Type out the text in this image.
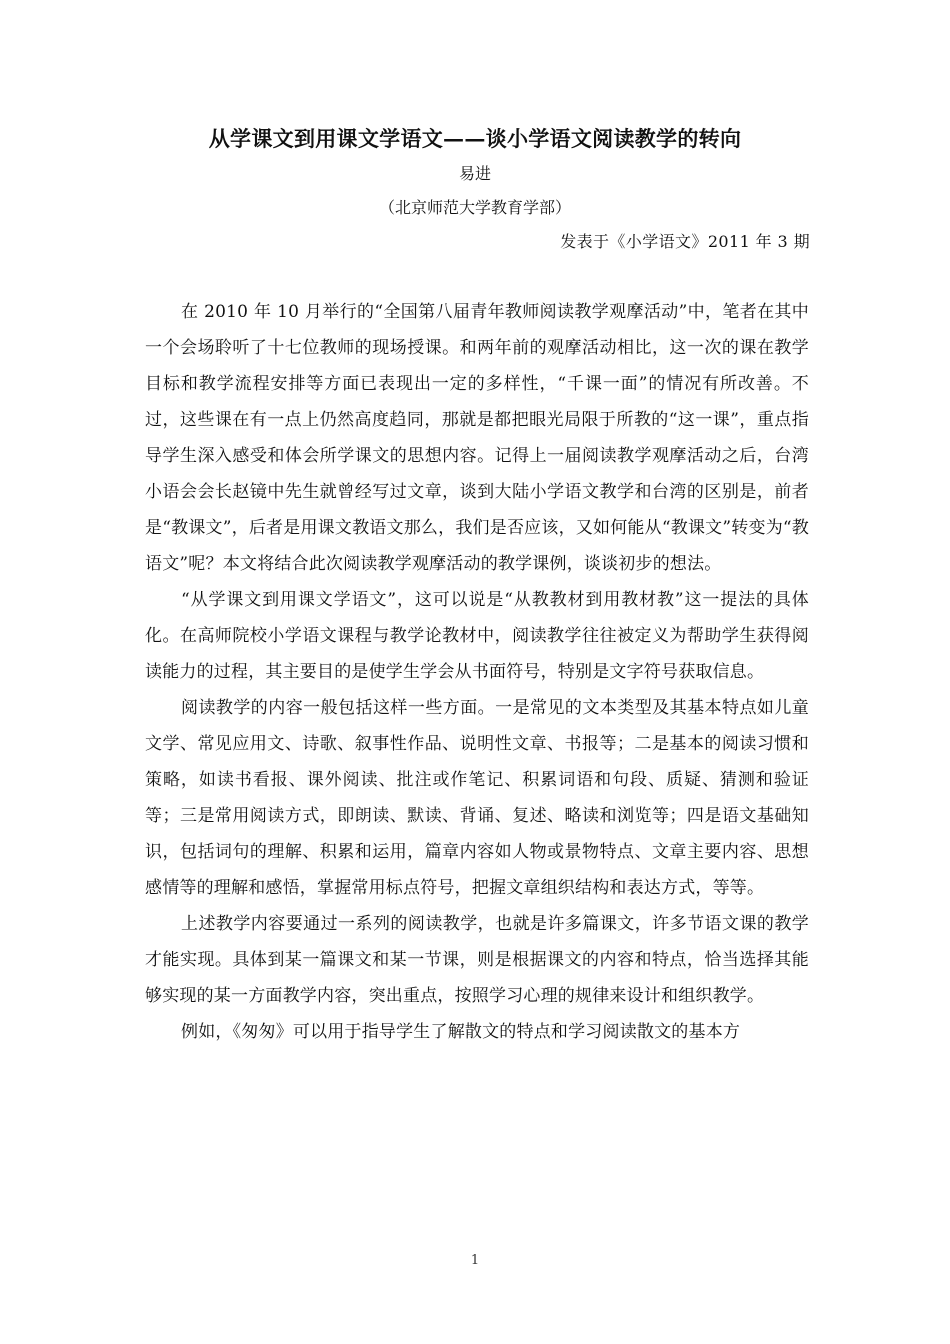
从学课文到用课文学语文——谈小学语文阅读教学的转向
易进
（北京师范大学教育学部）
发表于《小学语文》2011 年 3 期

在 2010 年 10 月举行的“全国第八届青年教师阅读教学观摩活动”中，笔者在其中一个会场聆听了十七位教师的现场授课。和两年前的观摩活动相比，这一次的课在教学目标和教学流程安排等方面已表现出一定的多样性，“千课一面”的情况有所改善。不过，这些课在有一点上仍然高度趋同，那就是都把眼光局限于所教的“这一课”，重点指导学生深入感受和体会所学课文的思想内容。记得上一届阅读教学观摩活动之后，台湾小语会会长赵镜中先生就曾经写过文章，谈到大陆小学语文教学和台湾的区别是，前者是“教课文”，后者是用课文教语文那么，我们是否应该，又如何能从“教课文”转变为“教语文”呢？本文将结合此次阅读教学观摩活动的教学课例，谈谈初步的想法。

“从学课文到用课文学语文”，这可以说是“从教教材到用教材教”这一提法的具体化。在高师院校小学语文课程与教学论教材中，阅读教学往往被定义为帮助学生获得阅读能力的过程，其主要目的是使学生学会从书面符号，特别是文字符号获取信息。

阅读教学的内容一般包括这样一些方面。一是常见的文本类型及其基本特点如儿童文学、常见应用文、诗歌、叙事性作品、说明性文章、书报等；二是基本的阅读习惯和策略，如读书看报、课外阅读、批注或作笔记、积累词语和句段、质疑、猜测和验证等；三是常用阅读方式，即朗读、默读、背诵、复述、略读和浏览等；四是语文基础知识，包括词句的理解、积累和运用，篇章内容如人物或景物特点、文章主要内容、思想感情等的理解和感悟，掌握常用标点符号，把握文章组织结构和表达方式，等等。

上述教学内容要通过一系列的阅读教学，也就是许多篇课文，许多节语文课的教学才能实现。具体到某一篇课文和某一节课，则是根据课文的内容和特点，恰当选择其能够实现的某一方面教学内容，突出重点，按照学习心理的规律来设计和组织教学。

例如，《匆匆》可以用于指导学生了解散文的特点和学习阅读散文的基本方

1
